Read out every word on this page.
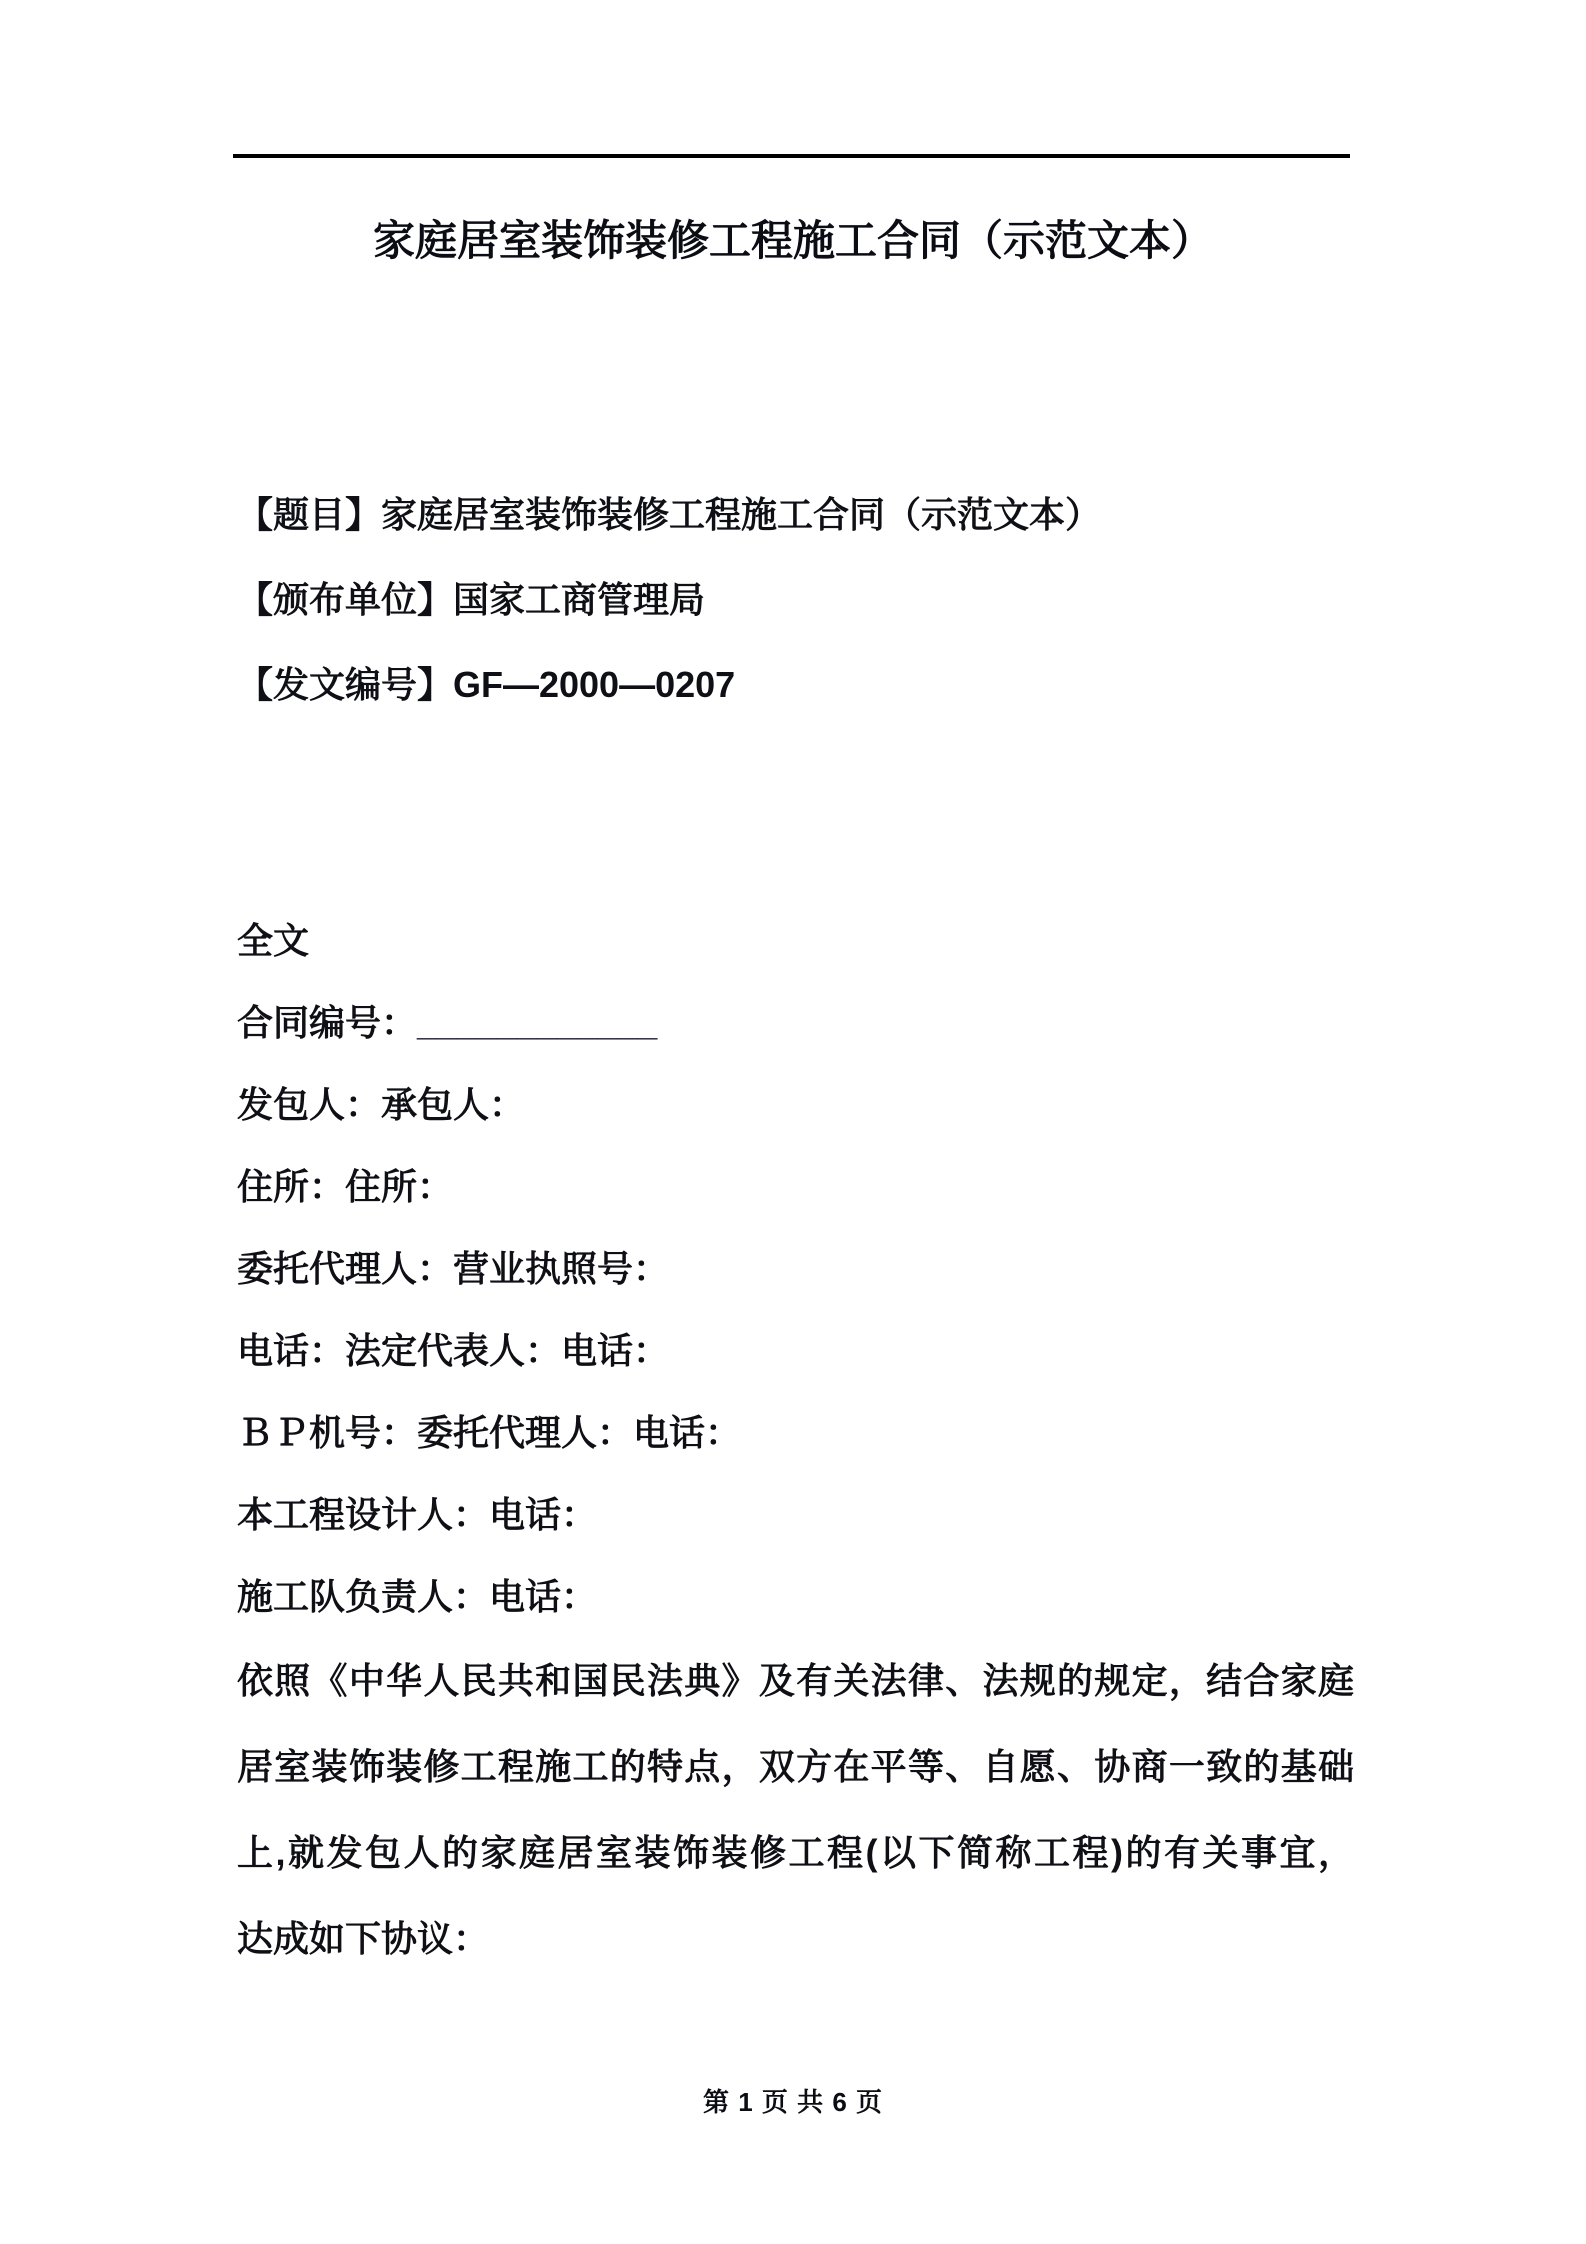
家庭居室装饰装修工程施工合同（示范文本）

【题目】家庭居室装饰装修工程施工合同（示范文本）

【颁布单位】国家工商管理局

【发文编号】GF—2000—0207

全文

合同编号：____________

发包人：承包人：

住所：住所：

委托代理人：营业执照号：

电话：法定代表人：电话：

ＢＰ机号：委托代理人：电话：

本工程设计人：电话：

施工队负责人：电话：

依照《中华人民共和国民法典》及有关法律、法规的规定，结合家庭

居室装饰装修工程施工的特点，双方在平等、自愿、协商一致的基础

上,就发包人的家庭居室装饰装修工程(以下简称工程)的有关事宜，

达成如下协议：

第 1 页 共 6 页
